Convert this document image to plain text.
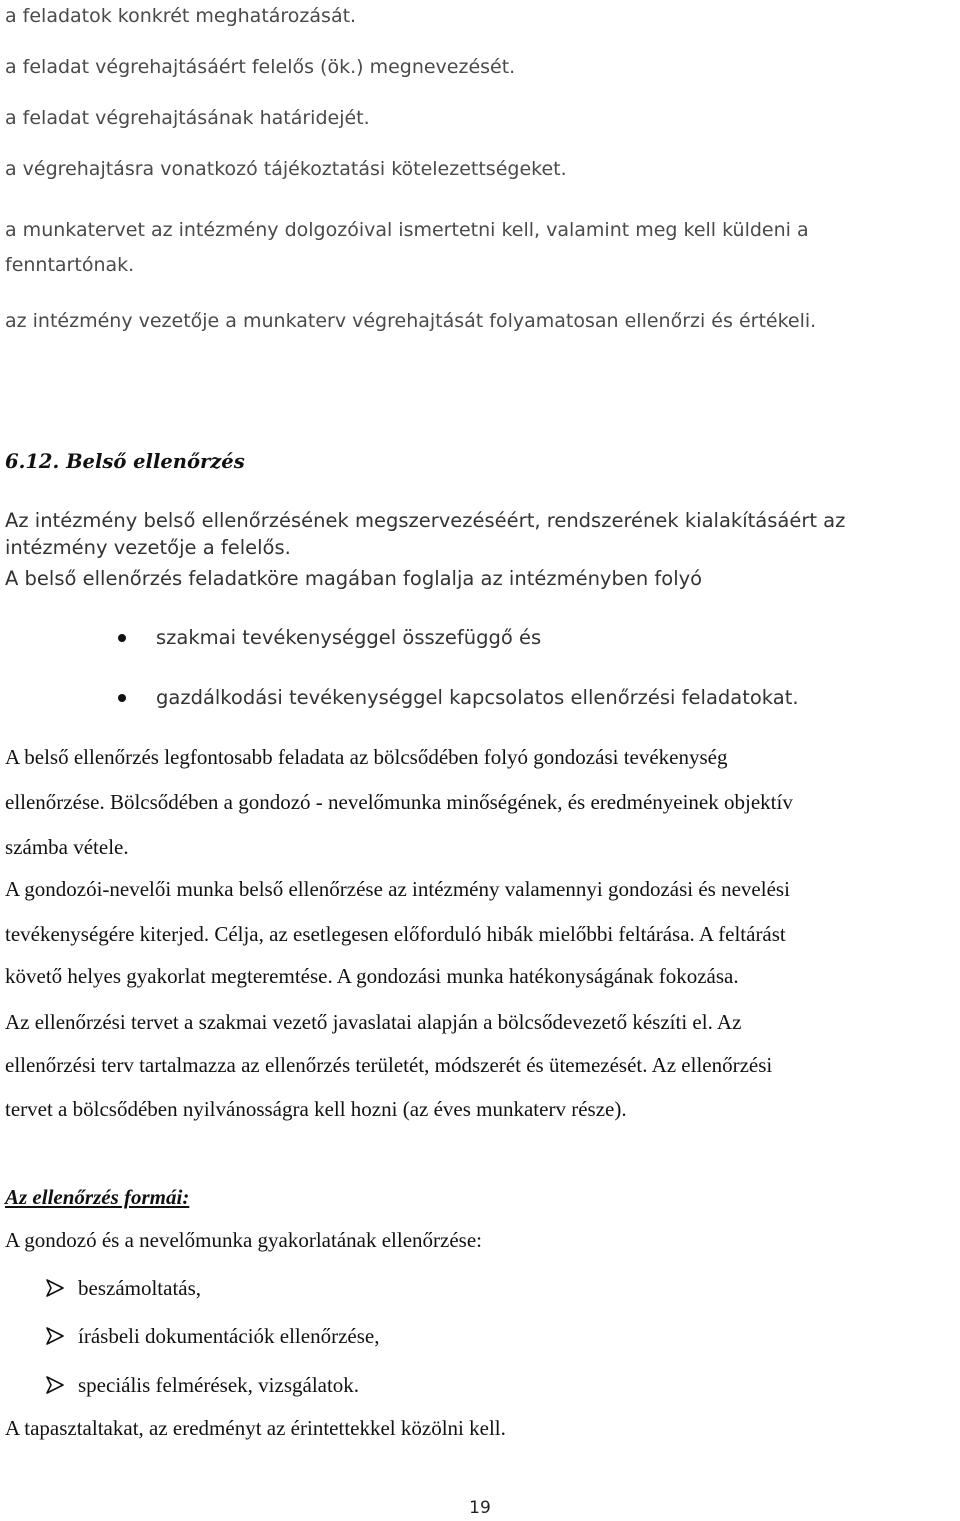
a feladatok konkrét meghatározását.
a feladat végrehajtásáért felelős (ök.) megnevezését.
a feladat végrehajtásának határidejét.
a végrehajtásra vonatkozó tájékoztatási kötelezettségeket.
a munkatervet az intézmény dolgozóival ismertetni kell, valamint meg kell küldeni a
fenntartónak.
az intézmény vezetője a munkaterv végrehajtását folyamatosan ellenőrzi és értékeli.
6.12. Belső ellenőrzés
Az intézmény belső ellenőrzésének megszervezéséért, rendszerének kialakításáért az
intézmény vezetője a felelős.
A belső ellenőrzés feladatköre magában foglalja az intézményben folyó
szakmai tevékenységgel összefüggő és
gazdálkodási tevékenységgel kapcsolatos ellenőrzési feladatokat.
A belső ellenőrzés legfontosabb feladata az bölcsődében folyó gondozási tevékenység
ellenőrzése. Bölcsődében a gondozó - nevelőmunka minőségének, és eredményeinek objektív
számba vétele.
A gondozói-nevelői munka belső ellenőrzése az intézmény valamennyi gondozási és nevelési
tevékenységére kiterjed. Célja, az esetlegesen előforduló hibák mielőbbi feltárása. A feltárást
követő helyes gyakorlat megteremtése. A gondozási munka hatékonyságának fokozása.
Az ellenőrzési tervet a szakmai vezető javaslatai alapján a bölcsődevezető készíti el. Az
ellenőrzési terv tartalmazza az ellenőrzés területét, módszerét és ütemezését. Az ellenőrzési
tervet a bölcsődében nyilvánosságra kell hozni (az éves munkaterv része).
Az ellenőrzés formái:
A gondozó és a nevelőmunka gyakorlatának ellenőrzése:
beszámoltatás,
írásbeli dokumentációk ellenőrzése,
speciális felmérések, vizsgálatok.
A tapasztaltakat, az eredményt az érintettekkel közölni kell.
19
